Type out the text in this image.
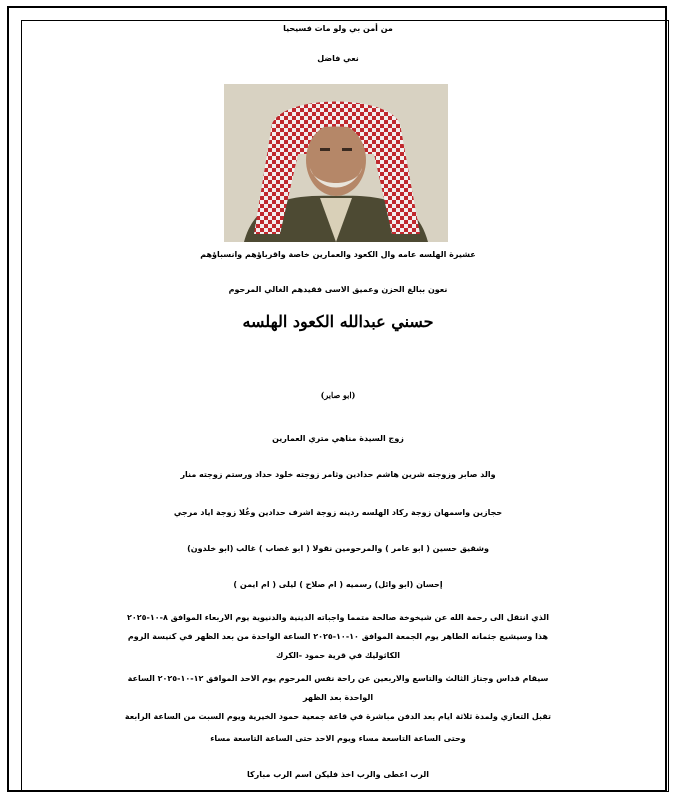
من أمن بي ولو مات فسيحيا
نعي فاضل
عشيرة الهلسه عامه وال الكعود والعمارين خاصة واقرباؤهم وانسباؤهم
نعون ببالغ الحزن وعميق الاسى فقيدهم الغالي المرحوم
حسني عبدالله الكعود الهلسه
(ابو صابر)
زوج السيدة مناهي متري العمارين
والد صابر وزوجته شرين هاشم حدادين وثامر زوجته خلود حداد ورستم زوجته منار
حجازين واسمهان زوجة ركاد الهلسه ردينه زوجة اشرف حدادين وعُلا زوجة اياد مرجي
وشقيق حسين ( ابو عامر ) والمرحومين نقولا ( ابو غصاب ) غالب (ابو خلدون)
إحسان (ابو وائل) رسميه ( ام صلاح ) ليلى ( ام ايمن )
الذي انتقل الى رحمة الله عن شيخوخة صالحة متمما واجباته الدينية والدنيوية يوم الاربعاء الموافق ٨-١٠-٢٠٢٥
هذا وسيشيع جثمانه الطاهر يوم الجمعة الموافق ١٠-١٠-٢٠٢٥ الساعة الواحدة من بعد الظهر في كنيسة الروم
الكاثوليك في قرية حمود -الكرك
سيقام قداس وجناز الثالث والتاسع والاربعين عن راحة نفس المرحوم يوم الاحد الموافق ١٢-١٠-٢٠٢٥ الساعة
الواحدة بعد الظهر
تقبل التعازي ولمدة ثلاثة ايام بعد الدفن مباشرة في قاعة جمعية حمود الخيرية ويوم السبت من الساعة الرابعة
وحتى الساعة التاسعة مساء ويوم الاحد حتى الساعة التاسعة مساء
الرب اعطى والرب اخذ فليكن اسم الرب مباركا
